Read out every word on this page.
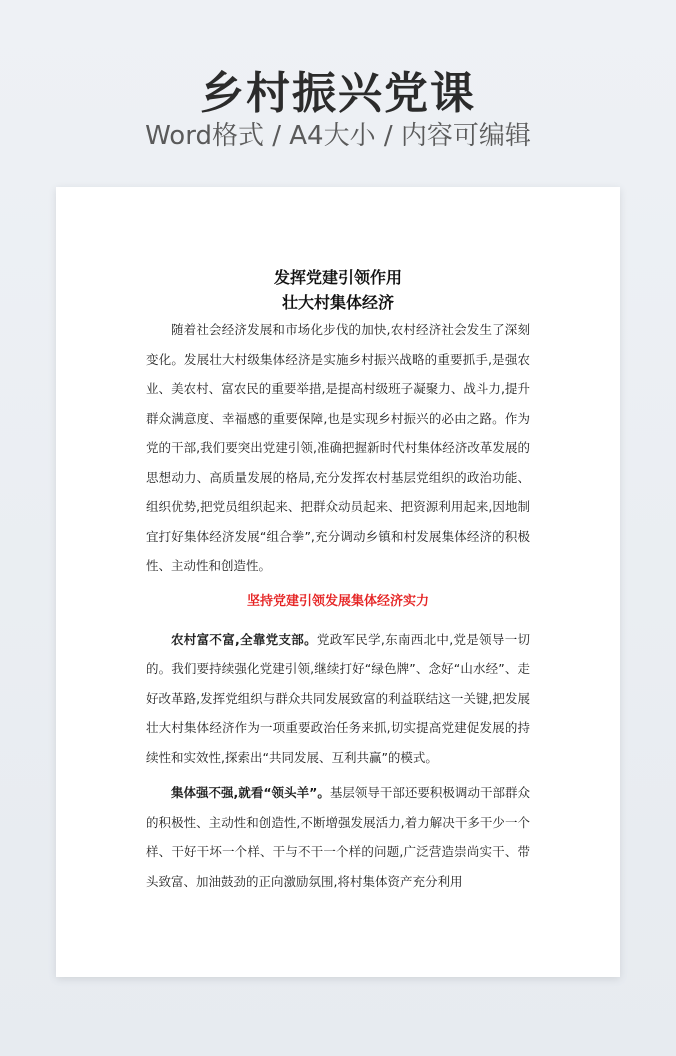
乡村振兴党课
Word格式 / A4大小 / 内容可编辑
发挥党建引领作用
壮大村集体经济

随着社会经济发展和市场化步伐的加快,农村经济社会发生了深刻变化。发展壮大村级集体经济是实施乡村振兴战略的重要抓手,是强农业、美农村、富农民的重要举措,是提高村级班子凝聚力、战斗力,提升群众满意度、幸福感的重要保障,也是实现乡村振兴的必由之路。作为党的干部,我们要突出党建引领,准确把握新时代村集体经济改革发展的思想动力、高质量发展的格局,充分发挥农村基层党组织的政治功能、组织优势,把党员组织起来、把群众动员起来、把资源利用起来,因地制宜打好集体经济发展“组合拳”,充分调动乡镇和村发展集体经济的积极性、主动性和创造性。

坚持党建引领发展集体经济实力

农村富不富,全靠党支部。党政军民学,东南西北中,党是领导一切的。我们要持续强化党建引领,继续打好“绿色牌”、念好“山水经”、走好改革路,发挥党组织与群众共同发展致富的利益联结这一关键,把发展壮大村集体经济作为一项重要政治任务来抓,切实提高党建促发展的持续性和实效性,探索出“共同发展、互利共赢”的模式。

集体强不强,就看“领头羊”。基层领导干部还要积极调动干部群众的积极性、主动性和创造性,不断增强发展活力,着力解决干多干少一个样、干好干坏一个样、干与不干一个样的问题,广泛营造崇尚实干、带头致富、加油鼓劲的正向激励氛围,将村集体资产充分利用
